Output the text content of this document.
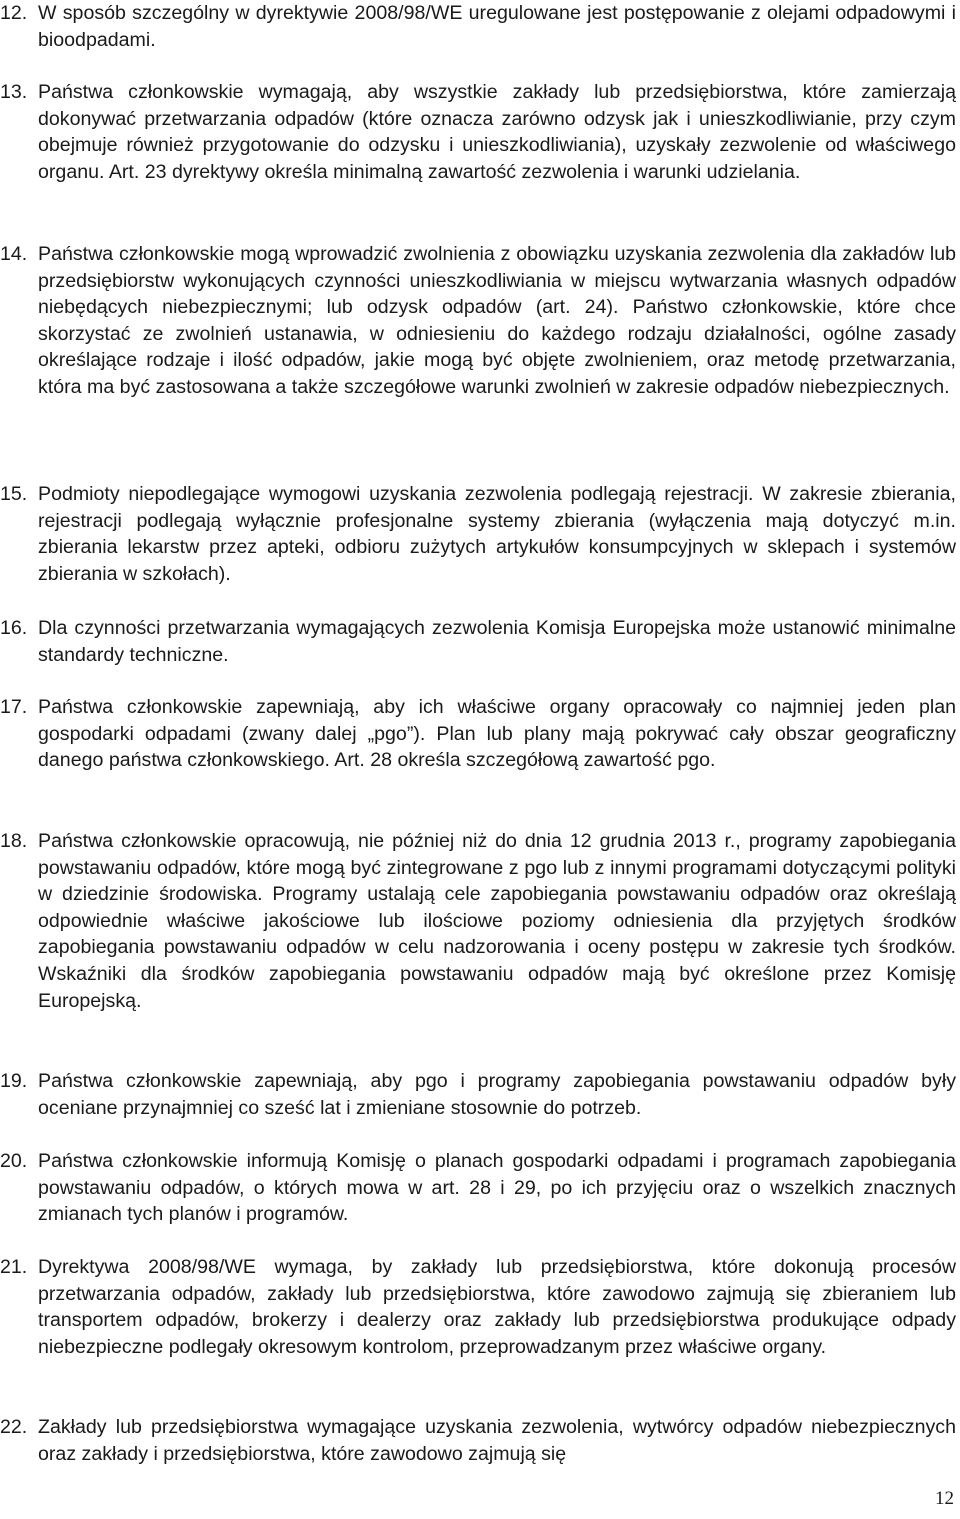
12. W sposób szczególny w dyrektywie 2008/98/WE uregulowane jest postępowanie z olejami odpadowymi i bioodpadami.
13. Państwa członkowskie wymagają, aby wszystkie zakłady lub przedsiębiorstwa, które zamierzają dokonywać przetwarzania odpadów (które oznacza zarówno odzysk jak i unieszkodliwianie, przy czym obejmuje również przygotowanie do odzysku i unieszkodliwiania), uzyskały zezwolenie od właściwego organu. Art. 23 dyrektywy określa minimalną zawartość zezwolenia i warunki udzielania.
14. Państwa członkowskie mogą wprowadzić zwolnienia z obowiązku uzyskania zezwolenia dla zakładów lub przedsiębiorstw wykonujących czynności unieszkodliwiania w miejscu wytwarzania własnych odpadów niebędących niebezpiecznymi; lub odzysk odpadów (art. 24). Państwo członkowskie, które chce skorzystać ze zwolnień ustanawia, w odniesieniu do każdego rodzaju działalności, ogólne zasady określające rodzaje i ilość odpadów, jakie mogą być objęte zwolnieniem, oraz metodę przetwarzania, która ma być zastosowana a także szczegółowe warunki zwolnień w zakresie odpadów niebezpiecznych.
15. Podmioty niepodlegające wymogowi uzyskania zezwolenia podlegają rejestracji. W zakresie zbierania, rejestracji podlegają wyłącznie profesjonalne systemy zbierania (wyłączenia mają dotyczyć m.in. zbierania lekarstw przez apteki, odbioru zużytych artykułów konsumpcyjnych w sklepach i systemów zbierania w szkołach).
16. Dla czynności przetwarzania wymagających zezwolenia Komisja Europejska może ustanowić minimalne standardy techniczne.
17. Państwa członkowskie zapewniają, aby ich właściwe organy opracowały co najmniej jeden plan gospodarki odpadami (zwany dalej „pgo”). Plan lub plany mają pokrywać cały obszar geograficzny danego państwa członkowskiego. Art. 28 określa szczegółową zawartość pgo.
18. Państwa członkowskie opracowują, nie później niż do dnia 12 grudnia 2013 r., programy zapobiegania powstawaniu odpadów, które mogą być zintegrowane z pgo lub z innymi programami dotyczącymi polityki w dziedzinie środowiska. Programy ustalają cele zapobiegania powstawaniu odpadów oraz określają odpowiednie właściwe jakościowe lub ilościowe poziomy odniesienia dla przyjętych środków zapobiegania powstawaniu odpadów w celu nadzorowania i oceny postępu w zakresie tych środków. Wskaźniki dla środków zapobiegania powstawaniu odpadów mają być określone przez Komisję Europejską.
19. Państwa członkowskie zapewniają, aby pgo i programy zapobiegania powstawaniu odpadów były oceniane przynajmniej co sześć lat i zmieniane stosownie do potrzeb.
20. Państwa członkowskie informują Komisję o planach gospodarki odpadami i programach zapobiegania powstawaniu odpadów, o których mowa w art. 28 i 29, po ich przyjęciu oraz o wszelkich znacznych zmianach tych planów i programów.
21. Dyrektywa 2008/98/WE wymaga, by zakłady lub przedsiębiorstwa, które dokonują procesów przetwarzania odpadów, zakłady lub przedsiębiorstwa, które zawodowo zajmują się zbieraniem lub transportem odpadów, brokerzy i dealerzy oraz zakłady lub przedsiębiorstwa produkujące odpady niebezpieczne podlegały okresowym kontrolom, przeprowadzanym przez właściwe organy.
22. Zakłady lub przedsiębiorstwa wymagające uzyskania zezwolenia, wytwórcy odpadów niebezpiecznych oraz zakłady i przedsiębiorstwa, które zawodowo zajmują się
12
